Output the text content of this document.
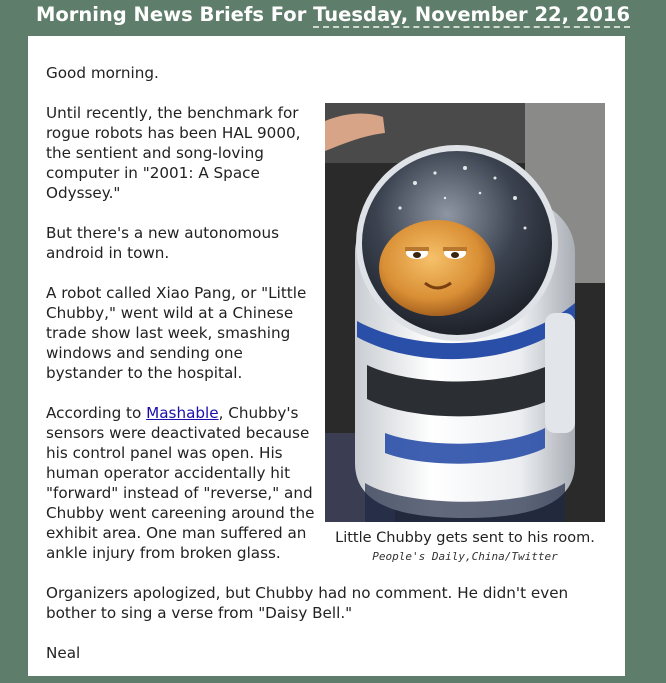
Morning News Briefs For Tuesday, November 22, 2016

Good morning.

Until recently, the benchmark for rogue robots has been HAL 9000, the sentient and song-loving computer in "2001: A Space Odyssey."

But there's a new autonomous android in town.

A robot called Xiao Pang, or "Little Chubby," went wild at a Chinese trade show last week, smashing windows and sending one bystander to the hospital.

According to Mashable, Chubby's sensors were deactivated because his control panel was open. His human operator accidentally hit "forward" instead of "reverse," and Chubby went careening around the exhibit area. One man suffered an ankle injury from broken glass.

Organizers apologized, but Chubby had no comment. He didn't even bother to sing a verse from "Daisy Bell."

Neal

Little Chubby gets sent to his room.
People's Daily,China/Twitter
